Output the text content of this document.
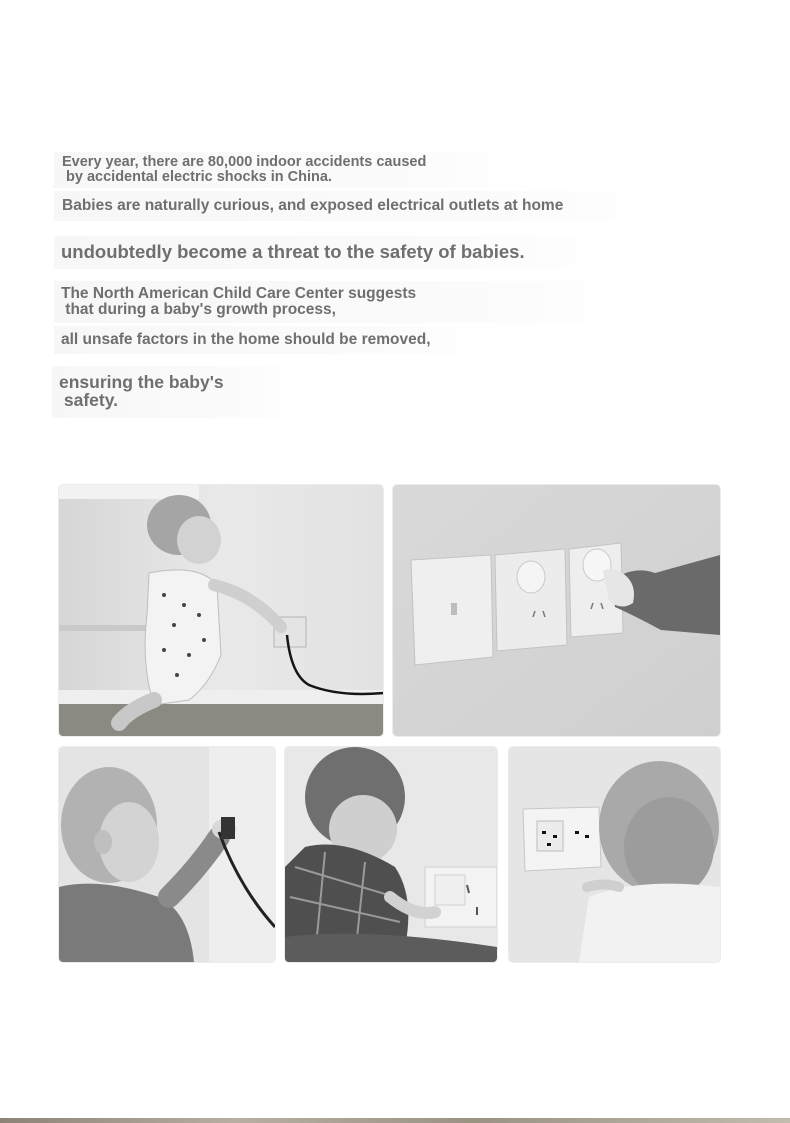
Every year, there are 80,000 indoor accidents caused
by accidental electric shocks in China.

Babies are naturally curious, and exposed electrical outlets at home

undoubtedly become a threat to the safety of babies.

The North American Child Care Center suggests
that during a baby's growth process,

all unsafe factors in the home should be removed,

ensuring the baby's
safety.
